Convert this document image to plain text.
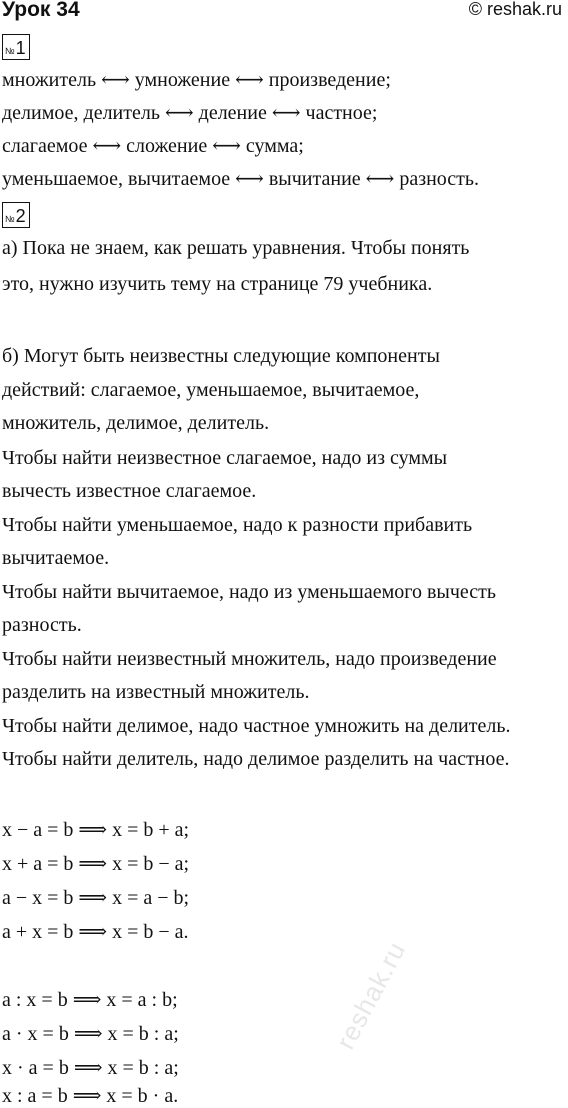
Урок 34	© reshak.ru
№ 1
множитель ⟷ умножение ⟷ произведение;
делимое, делитель ⟷ деление ⟷ частное;
слагаемое ⟷ сложение ⟷ сумма;
уменьшаемое, вычитаемое ⟷ вычитание ⟷ разность.
№ 2
а) Пока не знаем, как решать уравнения. Чтобы понять
это, нужно изучить тему на странице 79 учебника.
б) Могут быть неизвестны следующие компоненты
действий: слагаемое, уменьшаемое, вычитаемое,
множитель, делимое, делитель.
Чтобы найти неизвестное слагаемое, надо из суммы
вычесть известное слагаемое.
Чтобы найти уменьшаемое, надо к разности прибавить
вычитаемое.
Чтобы найти вычитаемое, надо из уменьшаемого вычесть
разность.
Чтобы найти неизвестный множитель, надо произведение
разделить на известный множитель.
Чтобы найти делимое, надо частное умножить на делитель.
Чтобы найти делитель, надо делимое разделить на частное.
x − a = b ⟹ x = b + a;
x + a = b ⟹ x = b − a;
a − x = b ⟹ x = a − b;
a + x = b ⟹ x = b − a.
a : x = b ⟹ x = a : b;
a · x = b ⟹ x = b : a;
x · a = b ⟹ x = b : a;
x : a = b ⟹ x = b · a.
reshak.ru
